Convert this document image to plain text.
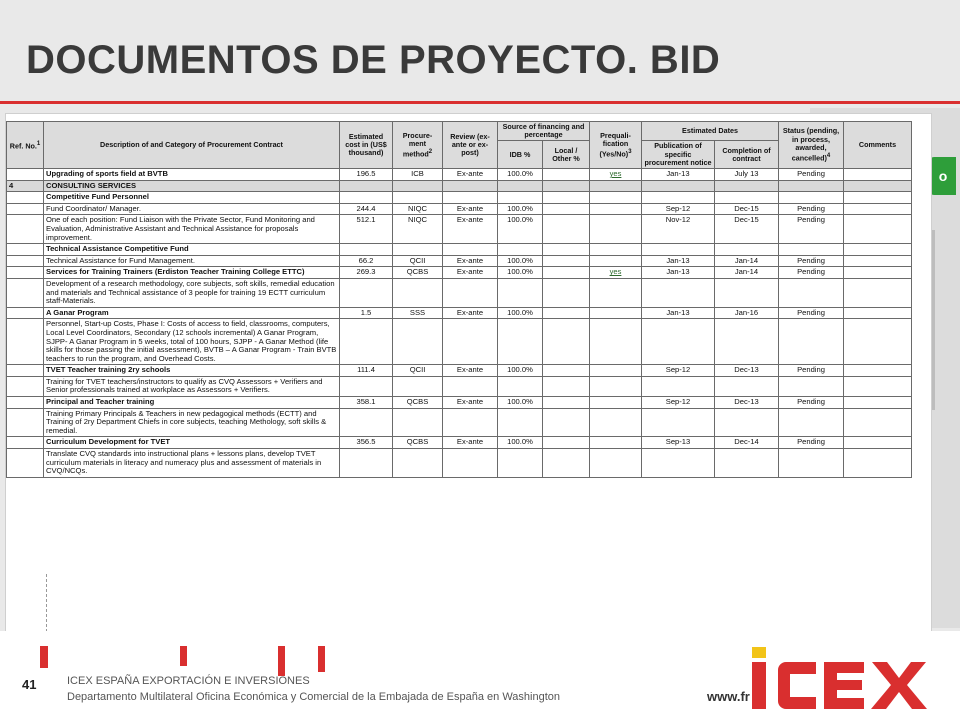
DOCUMENTOS DE PROYECTO. BID
o
Ref. No.$^1$	Description of and Category of Procurement Contract	Estimated cost in (US$ thousand)	Procure-ment method$^2$	Review (ex-ante or ex-post)	Source of financing and percentage		Prequali-fication $(Yes/No)^3$	Estimated Dates		Status (pending, in process, awarded, cancelled)$^4$	Comments
					IDB %	Local / Other %		Publication of specific procurement notice	Completion of contract		
	Upgrading of sports field at BVTB	196.5	ICB	Ex-ante	100.0%		yes	Jan-13	July 13	Pending	
4	CONSULTING SERVICES										
	Competitive Fund Personnel										
	Fund Coordinator/ Manager.	244.4	NIQC	Ex-ante	100.0%			Sep-12	Dec-15	Pending	
	One of each position: Fund Liaison with the Private Sector, Fund Monitoring and Evaluation, Administrative Assistant and Technical Assistance for proposals improvement.	512.1	NIQC	Ex-ante	100.0%			Nov-12	Dec-15	Pending	
	Technical Assistance Competitive Fund										
	Technical Assistance for Fund Management.	66.2	QCII	Ex-ante	100.0%			Jan-13	Jan-14	Pending	
	Services for Training Trainers (Erdiston Teacher Training College ETTC)	269.3	QCBS	Ex-ante	100.0%		yes	Jan-13	Jan-14	Pending	
	Development of a research methodology, core subjects, soft skills, remedial education and materials and Technical assistance of 3 people for training 19 ECTT curriculum staff-Materials.										
	A Ganar Program	1.5	SSS	Ex-ante	100.0%			Jan-13	Jan-16	Pending	
	Personnel, Start-up Costs, Phase I: Costs of access to field, classrooms, computers, Local Level Coordinators, Secondary (12 schools incremental) A Ganar Program, SJPP- A Ganar Program in 5 weeks, total of 100 hours, SJPP - A Ganar Method (life skills for those passing the initial assessment), BVTB – A Ganar Program - Train BVTB teachers to run the program, and Overhead Costs.										
	TVET Teacher training 2ry schools	111.4	QCII	Ex-ante	100.0%			Sep-12	Dec-13	Pending	
	Training for TVET teachers/instructors to qualify as CVQ Assessors + Verifiers and Senior professionals trained at workplace as Assessors + Verifiers.										
	Principal and Teacher training	358.1	QCBS	Ex-ante	100.0%			Sep-12	Dec-13	Pending	
	Training Primary Principals & Teachers in new pedagogical methods (ECTT) and Training of 2ry Department Chiefs in core subjects, teaching Methology, soft skills & remedial.										
	Curriculum Development for TVET	356.5	QCBS	Ex-ante	100.0%			Sep-13	Dec-14	Pending	
	Translate CVQ standards into instructional plans + lessons plans, develop TVET curriculum materials in literacy and numeracy plus and assessment of materials in CVQ/NCQs.										
41	ICEX ESPAÑA EXPORTACIÓN E INVERSIONES
Departamento Multilateral Oficina Económica y Comercial de la Embajada de España en Washington	www.fr
